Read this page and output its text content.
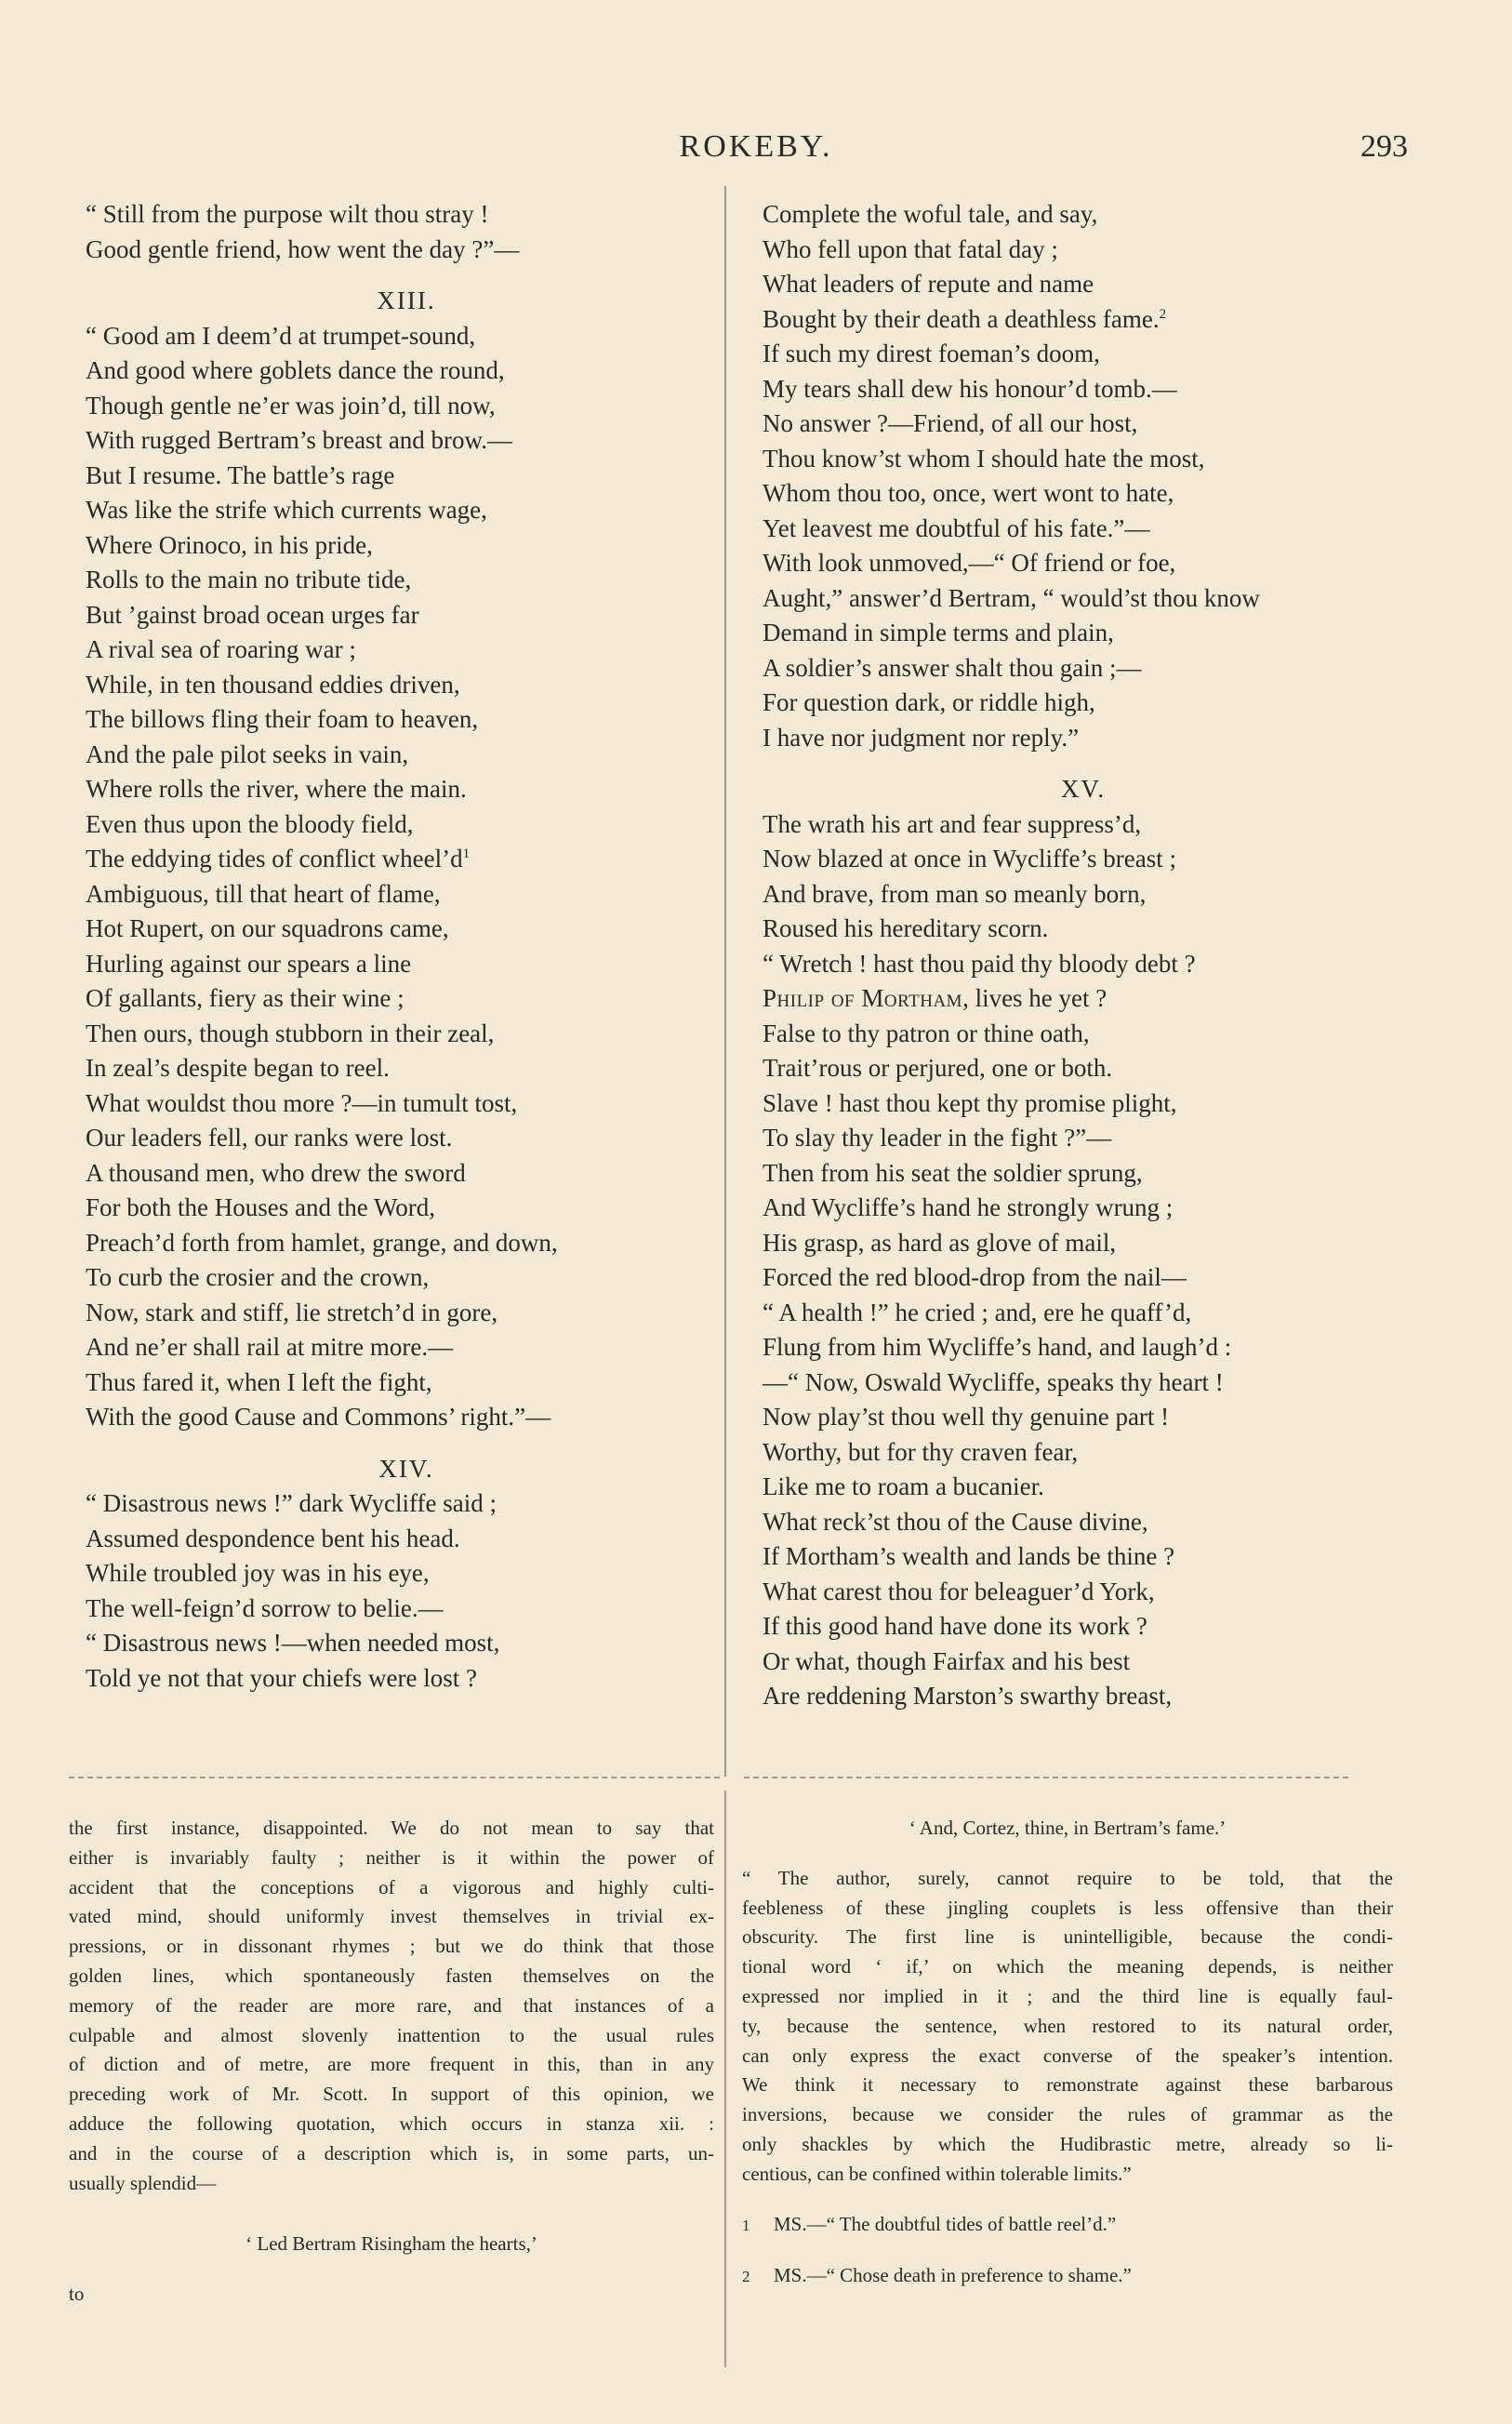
ROKEBY.	293
“ Still from the purpose wilt thou stray !
Good gentle friend, how went the day ?”—
XIII.
“ Good am I deem’d at trumpet-sound,
And good where goblets dance the round,
Though gentle ne’er was join’d, till now,
With rugged Bertram’s breast and brow.—
But I resume. The battle’s rage
Was like the strife which currents wage,
Where Orinoco, in his pride,
Rolls to the main no tribute tide,
But ’gainst broad ocean urges far
A rival sea of roaring war ;
While, in ten thousand eddies driven,
The billows fling their foam to heaven,
And the pale pilot seeks in vain,
Where rolls the river, where the main.
Even thus upon the bloody field,
The eddying tides of conflict $wheel’d^1$
Ambiguous, till that heart of flame,
Hot Rupert, on our squadrons came,
Hurling against our spears a line
Of gallants, fiery as their wine ;
Then ours, though stubborn in their zeal,
In zeal’s despite began to reel.
What wouldst thou more ?—in tumult tost,
Our leaders fell, our ranks were lost.
A thousand men, who drew the sword
For both the Houses and the Word,
Preach’d forth from hamlet, grange, and down,
To curb the crosier and the crown,
Now, stark and stiff, lie stretch’d in gore,
And ne’er shall rail at mitre more.—
Thus fared it, when I left the fight,
With the good Cause and Commons’ right.”—
XIV.
“ Disastrous news !” dark Wycliffe said ;
Assumed despondence bent his head.
While troubled joy was in his eye,
The well-feign’d sorrow to belie.—
“ Disastrous news !—when needed most,
Told ye not that your chiefs were lost ?
Complete the woful tale, and say,
Who fell upon that fatal day ;
What leaders of repute and name
Bought by their death a deathless fame.$^2$
If such my direst foeman’s doom,
My tears shall dew his honour’d tomb.—
No answer ?—Friend, of all our host,
Thou know’st whom I should hate the most,
Whom thou too, once, wert wont to hate,
Yet leavest me doubtful of his fate.”—
With look unmoved,—“ Of friend or foe,
Aught,” answer’d Bertram, “ would’st thou know
Demand in simple terms and plain,
A soldier’s answer shalt thou gain ;—
For question dark, or riddle high,
I have nor judgment nor reply.”
XV.
The wrath his art and fear suppress’d,
Now blazed at once in Wycliffe’s breast ;
And brave, from man so meanly born,
Roused his hereditary scorn.
“ Wretch ! hast thou paid thy bloody debt ?
Philip of Mortham, lives he yet ?
False to thy patron or thine oath,
Trait’rous or perjured, one or both.
Slave ! hast thou kept thy promise plight,
To slay thy leader in the fight ?”—
Then from his seat the soldier sprung,
And Wycliffe’s hand he strongly wrung ;
His grasp, as hard as glove of mail,
Forced the red blood-drop from the nail—
“ A health !” he cried ; and, ere he quaff’d,
Flung from him Wycliffe’s hand, and laugh’d :
—“ Now, Oswald Wycliffe, speaks thy heart !
Now play’st thou well thy genuine part !
Worthy, but for thy craven fear,
Like me to roam a bucanier.
What reck’st thou of the Cause divine,
If Mortham’s wealth and lands be thine ?
What carest thou for beleaguer’d York,
If this good hand have done its work ?
Or what, though Fairfax and his best
Are reddening Marston’s swarthy breast,
the first instance, disappointed. We do not mean to say that
either is invariably faulty ; neither is it within the power of
accident that the conceptions of a vigorous and highly culti-
vated mind, should uniformly invest themselves in trivial ex-
pressions, or in dissonant rhymes ; but we do think that those
golden lines, which spontaneously fasten themselves on the
memory of the reader are more rare, and that instances of a
culpable and almost slovenly inattention to the usual rules
of diction and of metre, are more frequent in this, than in any
preceding work of Mr. Scott. In support of this opinion, we
adduce the following quotation, which occurs in stanza xii. :
and in the course of a description which is, in some parts, un-
usually splendid—
‘ Led Bertram Risingham the hearts,’
to
‘ And, Cortez, thine, in Bertram’s fame.’
“ The author, surely, cannot require to be told, that the
feebleness of these jingling couplets is less offensive than their
obscurity. The first line is unintelligible, because the condi-
tional word ‘ if,’ on which the meaning depends, is neither
expressed nor implied in it ; and the third line is equally faul-
ty, because the sentence, when restored to its natural order,
can only express the exact converse of the speaker’s intention.
We think it necessary to remonstrate against these barbarous
inversions, because we consider the rules of grammar as the
only shackles by which the Hudibrastic metre, already so li-
centious, can be confined within tolerable limits.”
1 MS.—“ The doubtful tides of battle reel’d.”
2 MS.—“ Chose death in preference to shame.”
